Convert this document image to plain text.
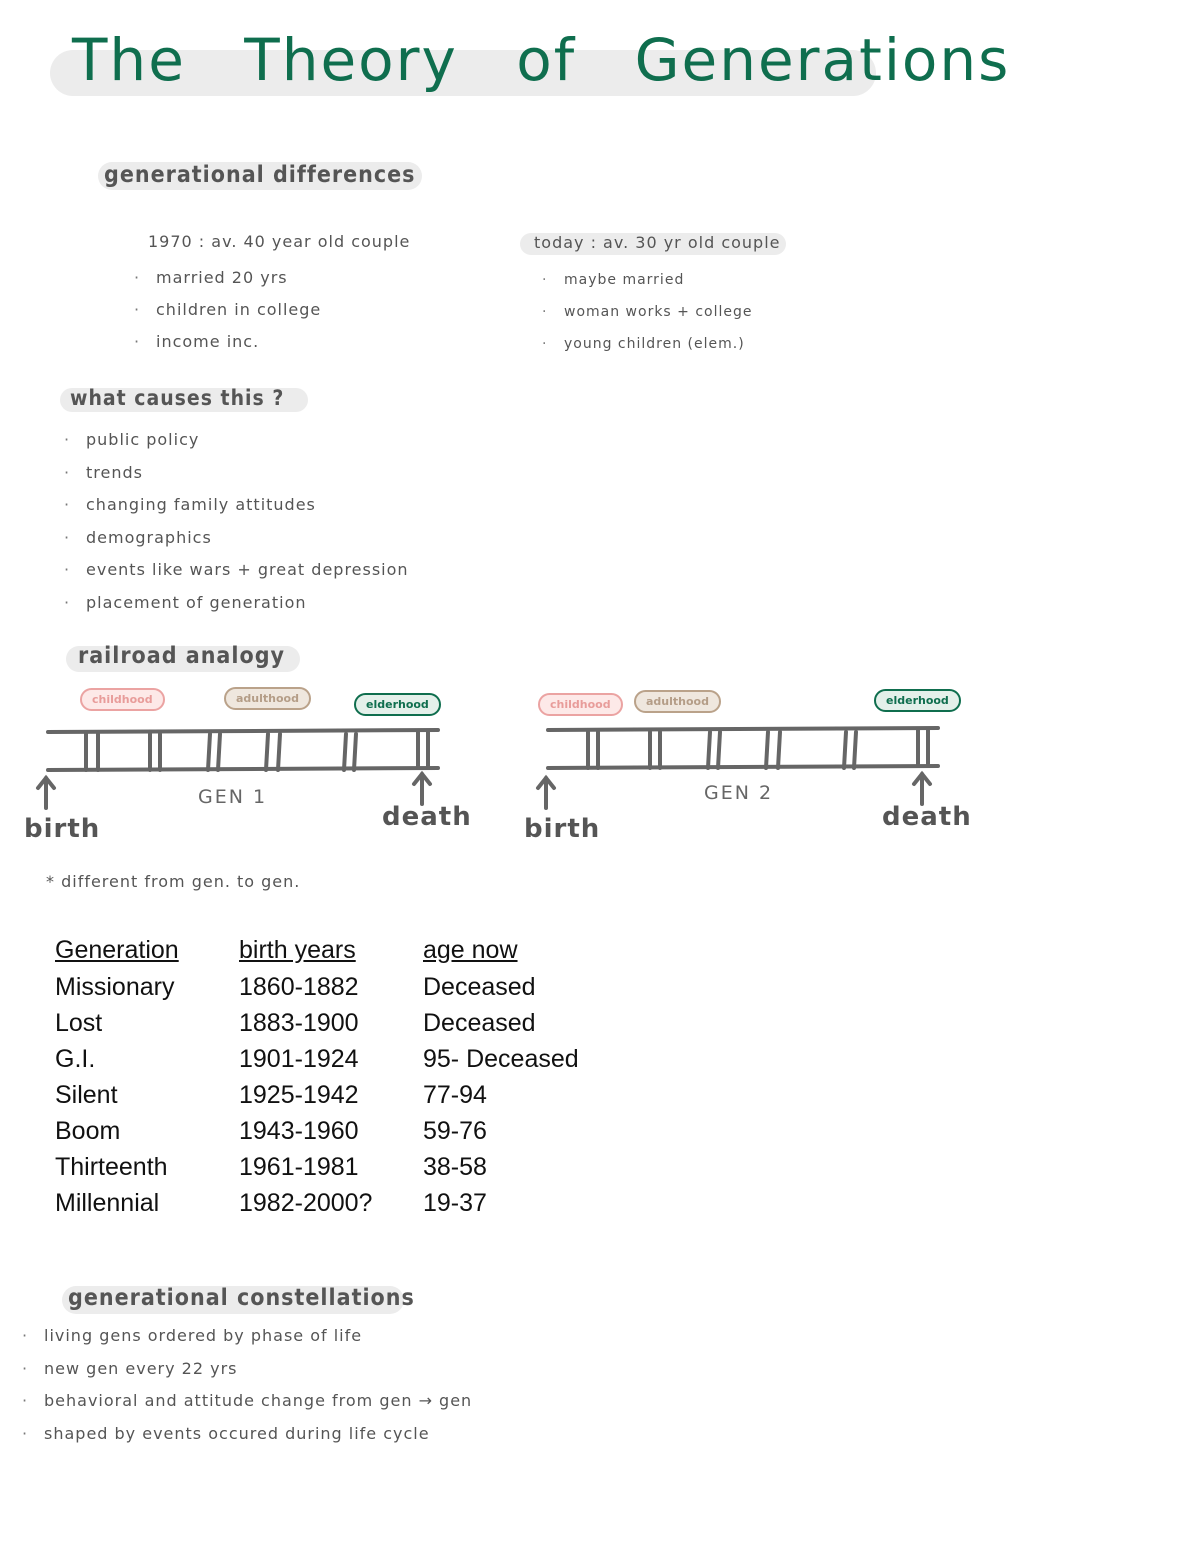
The Theory of Generations
generational differences
1970 : av. 40 year old couple
· married 20 yrs
· children in college
· income inc.
today : av. 30 yr old couple
· maybe married
· woman works + college
· young children (elem.)
what causes this ?
· public policy
· trends
· changing family attitudes
· demographics
· events like wars + great depression
· placement of generation
railroad analogy
childhood	adulthood	elderhood	childhood	adulthood	elderhood
GEN 1	GEN 2
birth	death birth	death
* different from gen. to gen.
Generation	birth years	age now
Missionary	1860-1882	Deceased
Lost	1883-1900	Deceased
G.I.	1901-1924	95- Deceased
Silent	1925-1942	77-94
Boom	1943-1960	59-76
Thirteenth	1961-1981	38-58
Millennial	1982-2000?	19-37
generational constellations
· living gens ordered by phase of life
· new gen every 22 yrs
· behavioral and attitude change from gen → gen
· shaped by events occured during life cycle
